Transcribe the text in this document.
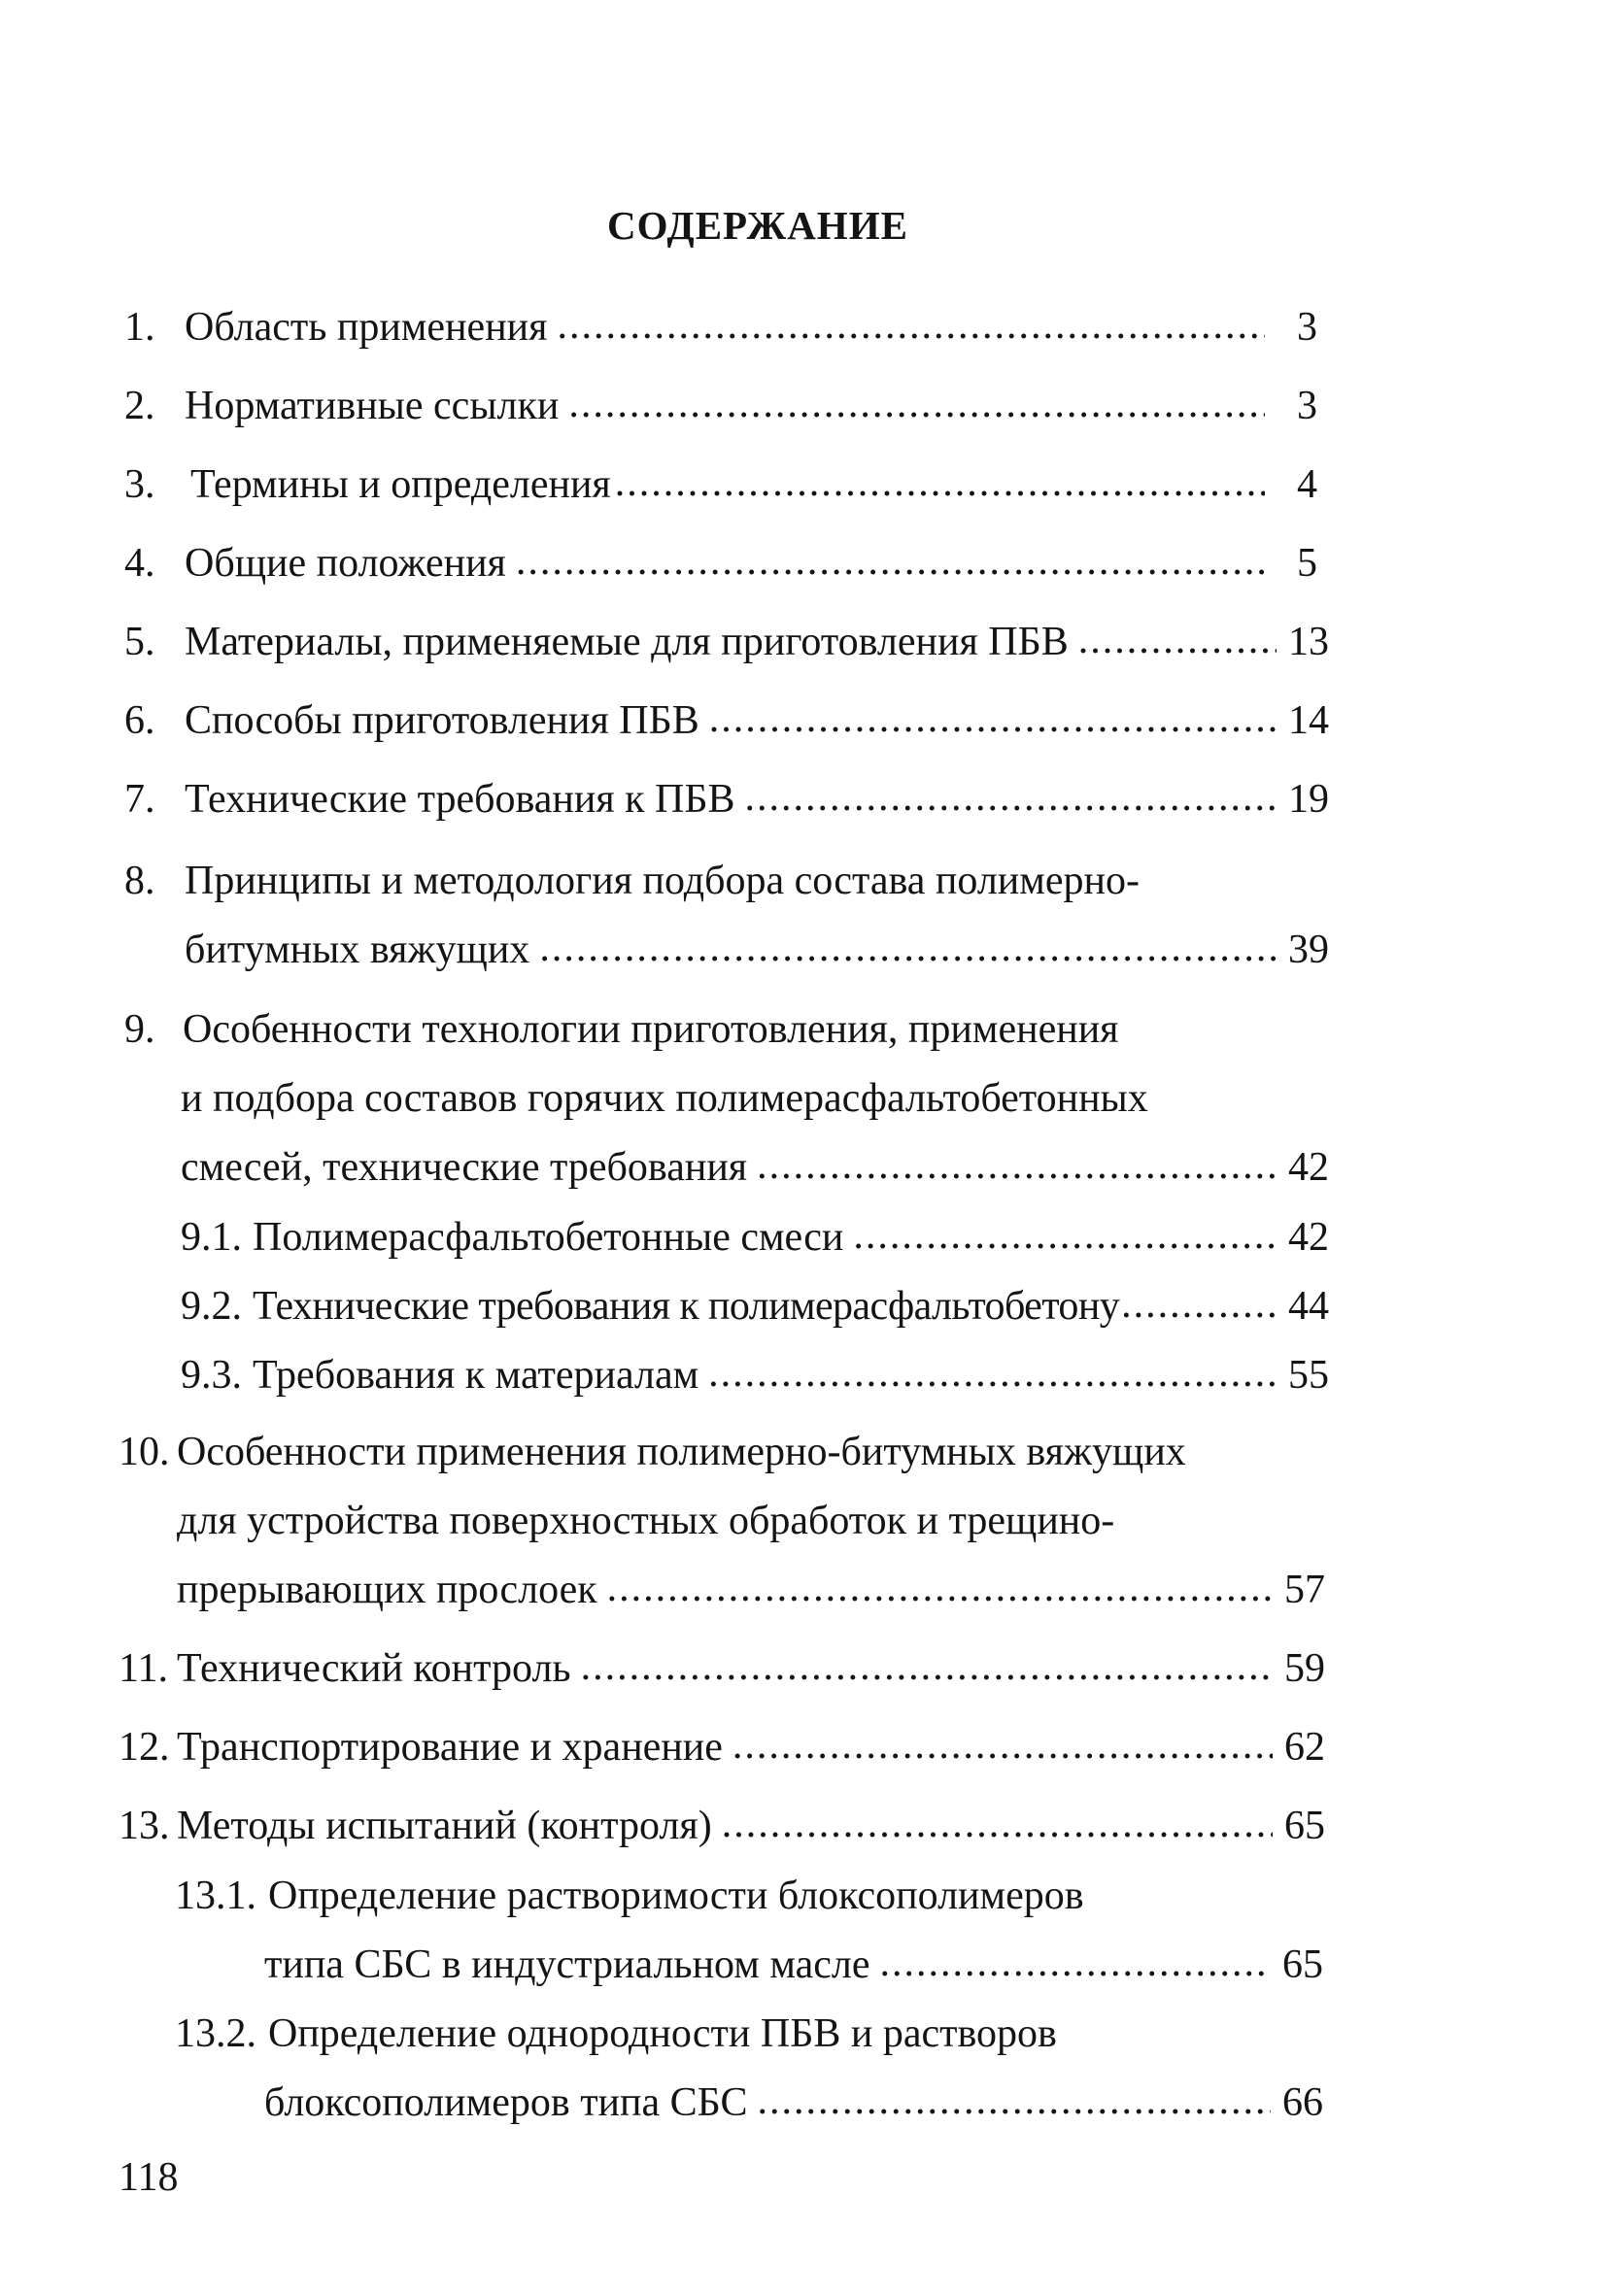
СОДЕРЖАНИЕ
1. Область применения .....	3
2. Нормативные ссылки .....	3
3. Термины и определения .....	4
4. Общие положения .....	5
5. Материалы, применяемые для приготовления ПБВ .....	13
6. Способы приготовления ПБВ .....	14
7. Технические требования к ПБВ .....	19
8. Принципы и методология подбора состава полимерно-
битумных вяжущих .....	39
9. Особенности технологии приготовления, применения
и подбора составов горячих полимерасфальтобетонных
смесей, технические требования .....	42
9.1. Полимерасфальтобетонные смеси .....	42
9.2. Технические требования к полимерасфальтобетону .....	44
9.3. Требования к материалам .....	55
10. Особенности применения полимерно-битумных вяжущих
для устройства поверхностных обработок и трещино-
прерывающих прослоек .....	57
11. Технический контроль .....	59
12. Транспортирование и хранение .....	62
13. Методы испытаний (контроля) .....	65
13.1. Определение растворимости блоксополимеров
типа СБС в индустриальном масле .....	65
13.2. Определение однородности ПБВ и растворов
блоксополимеров типа СБС .....	66
118
